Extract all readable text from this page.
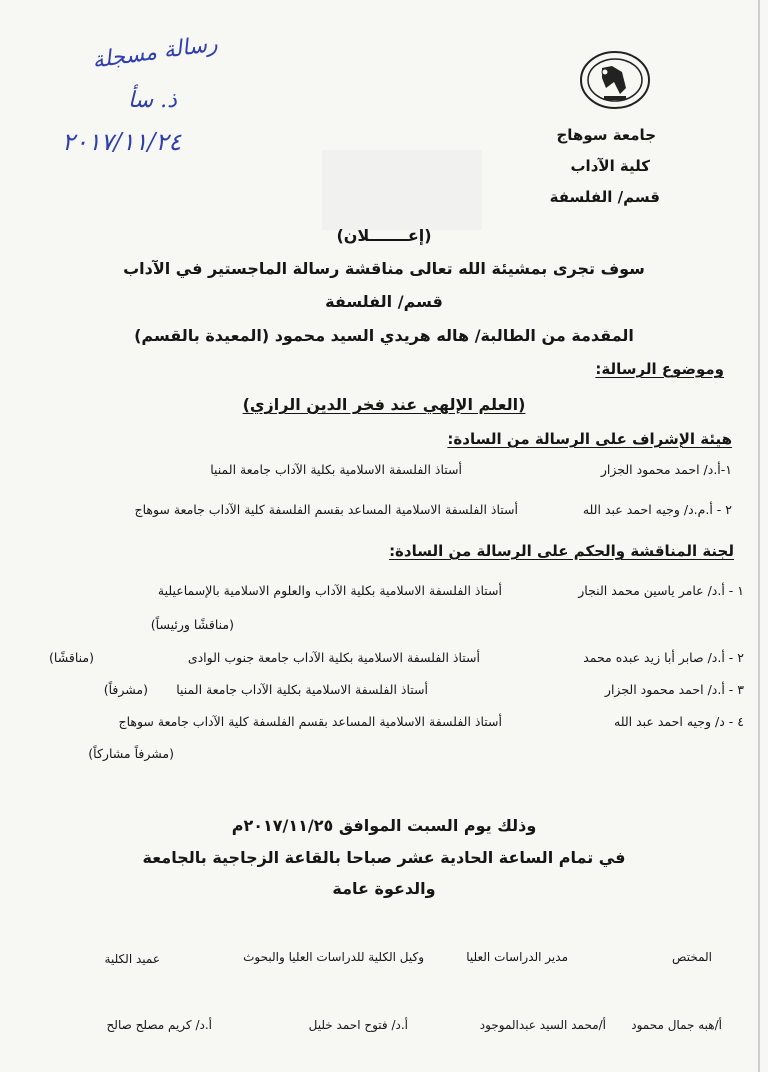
رسالة مسجلة
ذ. سأ
٢٠١٧/١١/٢٤	جامعة سوهاج
كلية الآداب
قسم/ الفلسفة
(إعـــــــلان)
سوف تجرى بمشيئة الله تعالى مناقشة رسالة الماجستير في الآداب
قسم/ الفلسفة
المقدمة من الطالبة/ هاله هريدي السيد محمود (المعيدة بالقسم)
وموضوع الرسالة:
(العلم الإلهي عند فخر الدين الرازي)
هيئة الإشراف على الرسالة من السادة:
١-أ.د/ احمد محمود الجزار
أستاذ الفلسفة الاسلامية بكلية الآداب جامعة المنيا
٢ - أ.م.د/ وجيه احمد عبد الله
أستاذ الفلسفة الاسلامية المساعد بقسم الفلسفة كلية الآداب جامعة سوهاج
لجنة المناقشة والحكم على الرسالة من السادة:
١ - أ.د/ عامر ياسين محمد النجار
أستاذ الفلسفة الاسلامية بكلية الآداب والعلوم الاسلامية بالإسماعيلية
(مناقشًا ورئيساً)
٢ - أ.د/ صابر أبا زيد عبده محمد
أستاذ الفلسفة الاسلامية بكلية الآداب جامعة جنوب الوادى
(مناقشًا)
٣ - أ.د/ احمد محمود الجزار
أستاذ الفلسفة الاسلامية بكلية الآداب جامعة المنيا
(مشرفاً)
٤ - د/ وجيه احمد عبد الله
أستاذ الفلسفة الاسلامية المساعد بقسم الفلسفة كلية الآداب جامعة سوهاج
(مشرفاً مشاركاً)
وذلك يوم السبت الموافق ٢٠١٧/١١/٢٥م
في تمام الساعة الحادية عشر صباحا بالقاعة الزجاجية بالجامعة
والدعوة عامة
المختص
مدير الدراسات العليا
وكيل الكلية للدراسات العليا والبحوث
عميد الكلية
أ/هبه جمال محمود
أ/محمد السيد عبدالموجود
أ.د/ فتوح احمد خليل
أ.د/ كريم مصلح صالح
